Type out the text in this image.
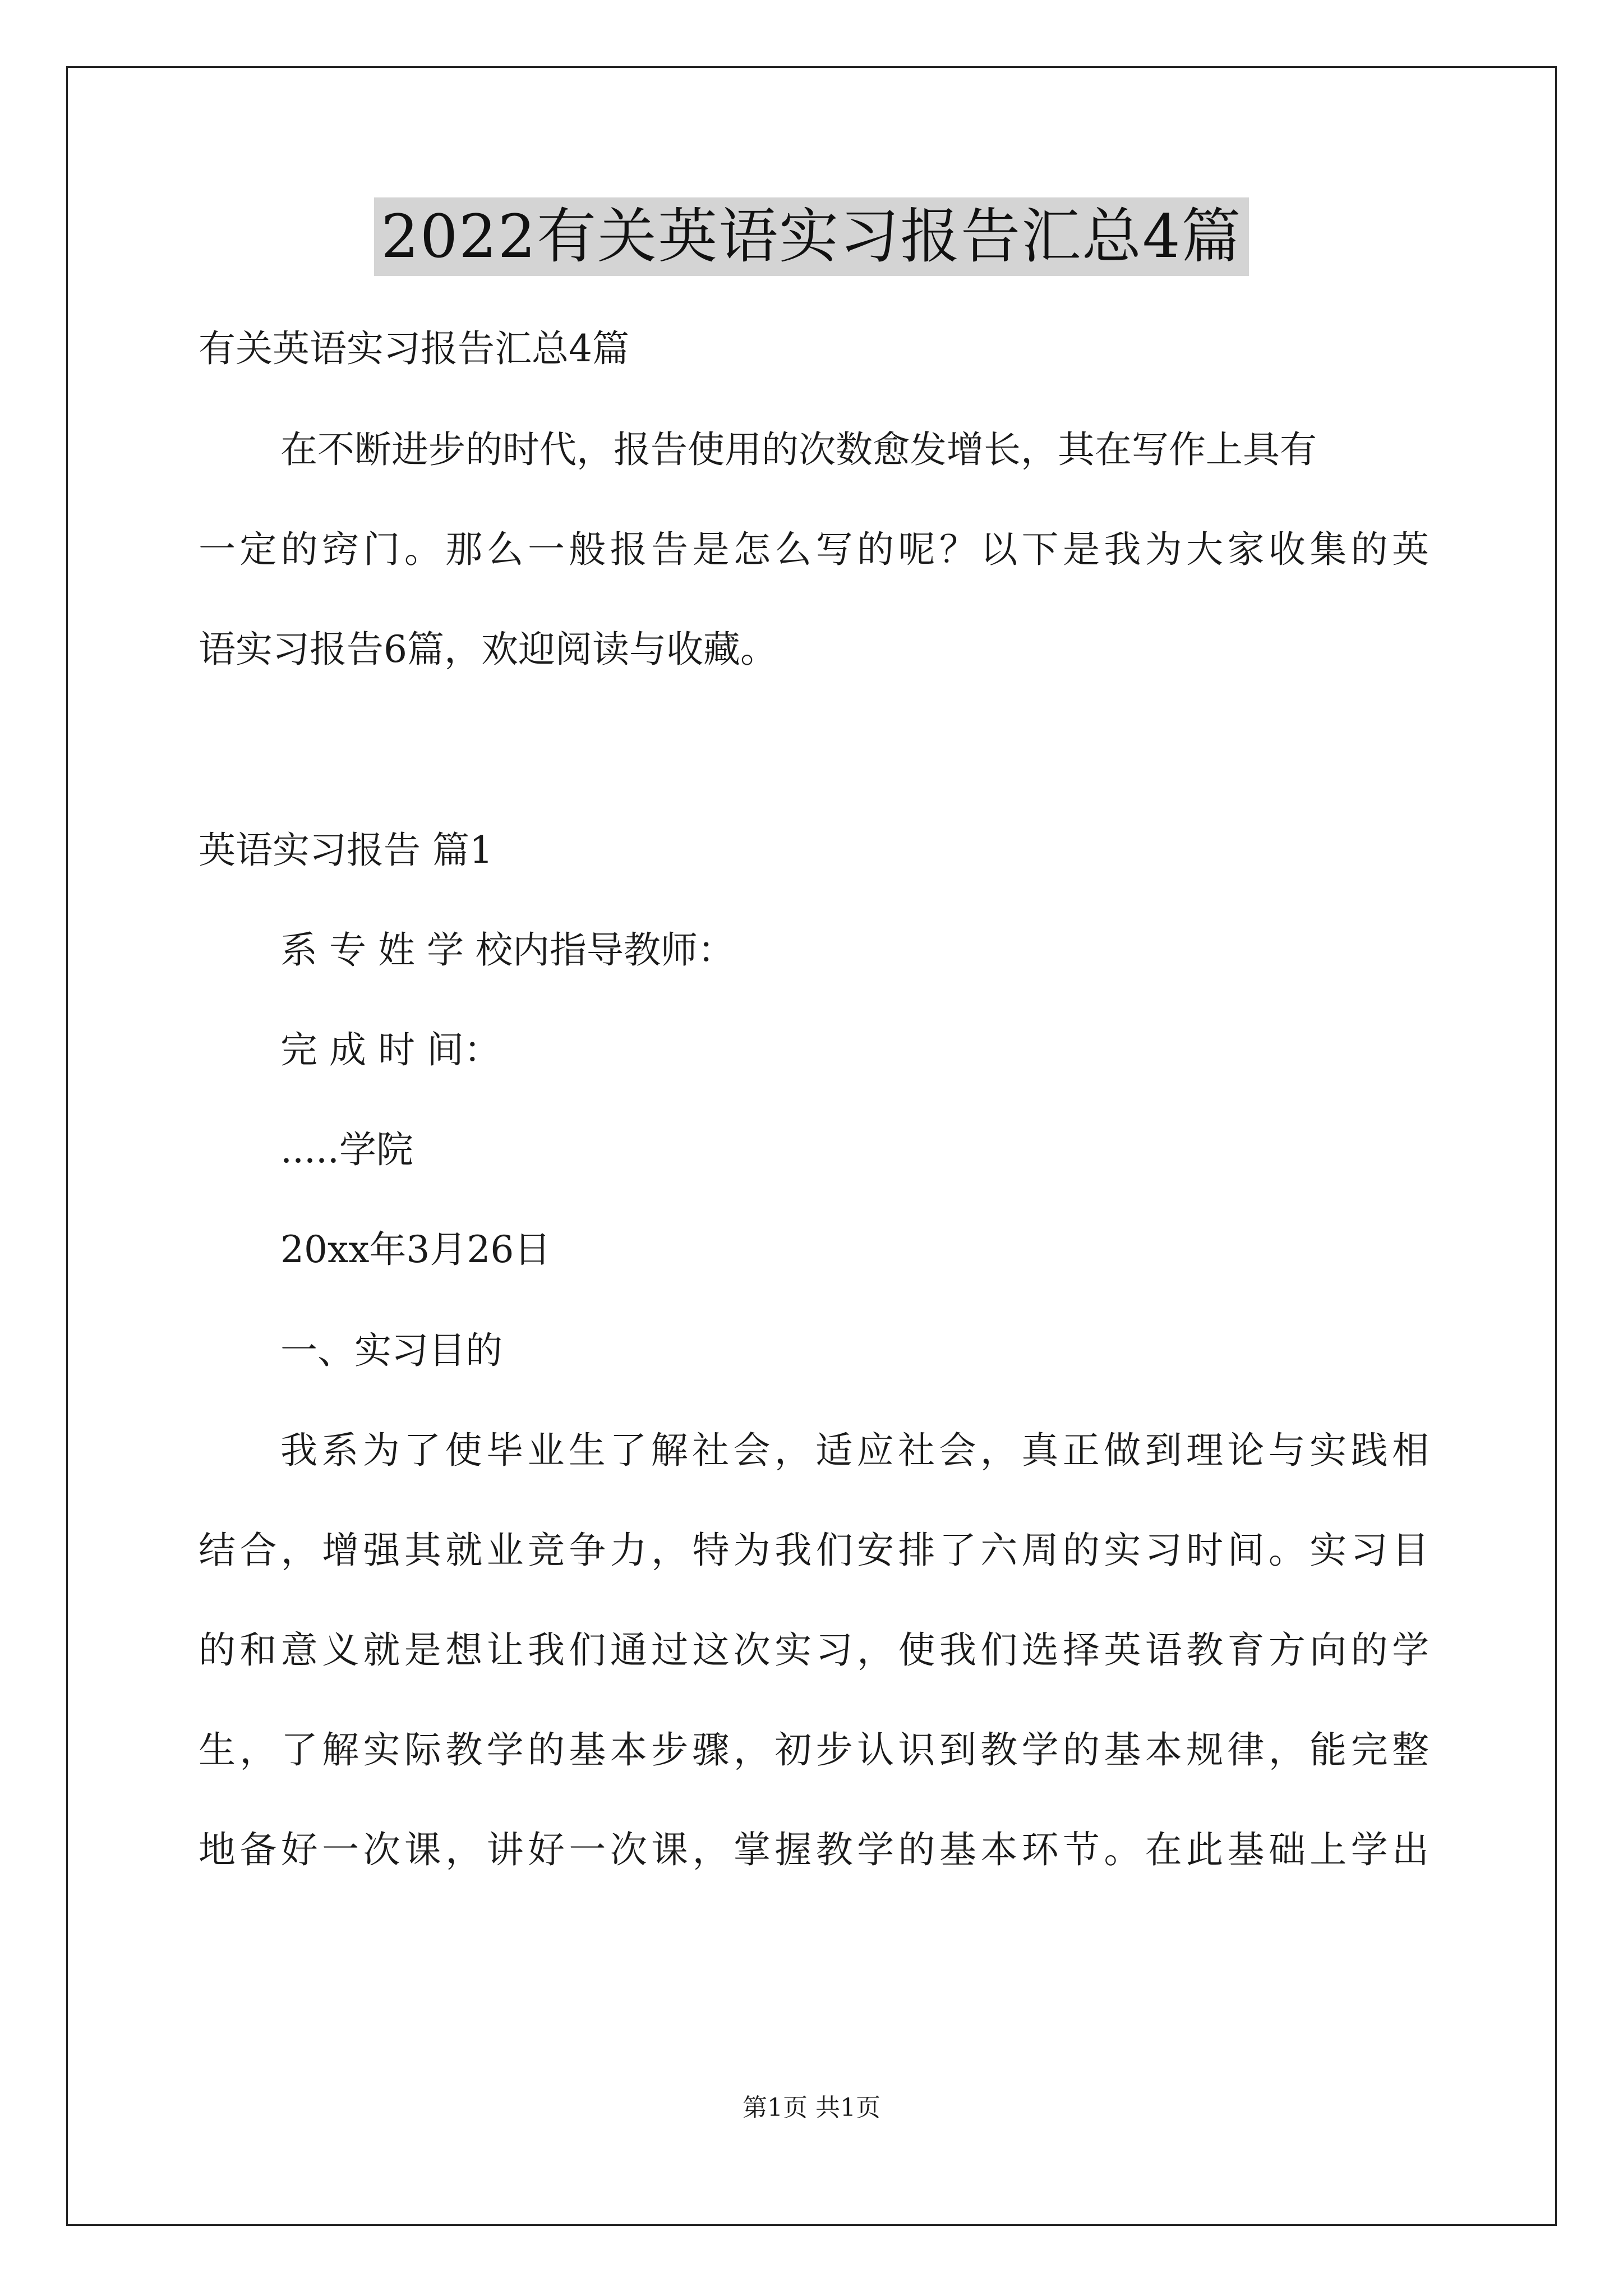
2022有关英语实习报告汇总4篇
有关英语实习报告汇总4篇
在不断进步的时代，报告使用的次数愈发增长，其在写作上具有
一定的窍门。那么一般报告是怎么写的呢？以下是我为大家收集的英
语实习报告6篇，欢迎阅读与收藏。
英语实习报告 篇1
系 专 姓 学 校内指导教师：
完 成 时 间：
.....学院
20xx年3月26日
一、实习目的
我系为了使毕业生了解社会，适应社会，真正做到理论与实践相
结合，增强其就业竞争力，特为我们安排了六周的实习时间。实习目
的和意义就是想让我们通过这次实习，使我们选择英语教育方向的学
生，了解实际教学的基本步骤，初步认识到教学的基本规律，能完整
地备好一次课，讲好一次课，掌握教学的基本环节。在此基础上学出
第1页 共1页
